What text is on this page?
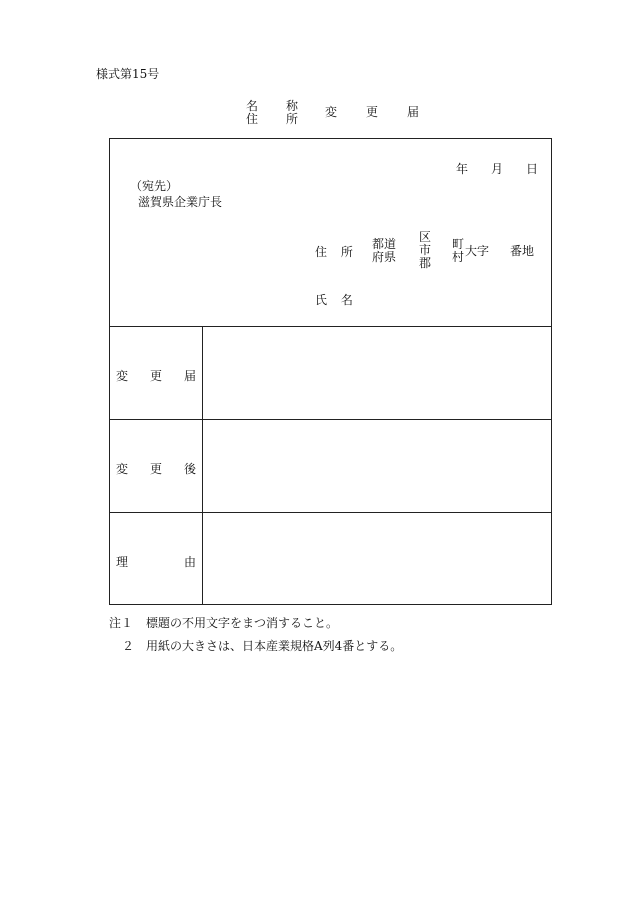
様式第15号
名 称
住 所 変 更 届
年 月 日
（宛先）
滋賀県企業庁長
住 所
都道
府県
区
市
郡
町
村 大字 番地
氏 名
変 更 届
変 更 後
理	由
注１ 標題の不用文字をまつ消すること。
２ 用紙の大きさは、日本産業規格A列4番とする。
